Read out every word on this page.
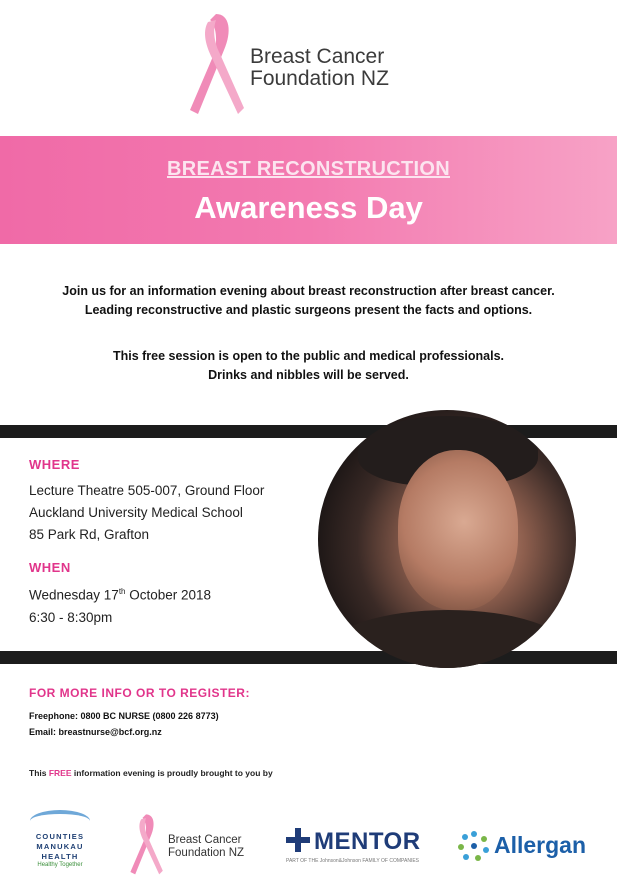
Breast Cancer
Foundation NZ
BREAST RECONSTRUCTION
Awareness Day
Join us for an information evening about breast reconstruction after breast cancer.
Leading reconstructive and plastic surgeons present the facts and options.
This free session is open to the public and medical professionals.
Drinks and nibbles will be served.

WHERE

Lecture Theatre 505-007, Ground Floor

Auckland University Medical School

85 Park Rd, Grafton

WHEN

Wednesday 17th October 2018

6:30 - 8:30pm

FOR MORE INFO OR TO REGISTER:

Freephone: 0800 BC NURSE (0800 226 8773)

Email: breastnurse@bcf.org.nz

This FREE information evening is proudly brought to you by
COUNTIES
MANUKAU
HEALTH
Healthy Together
Breast Cancer
Foundation NZ	MENTOR
PART OF THE Johnson&Johnson FAMILY OF COMPANIES
Allergan
